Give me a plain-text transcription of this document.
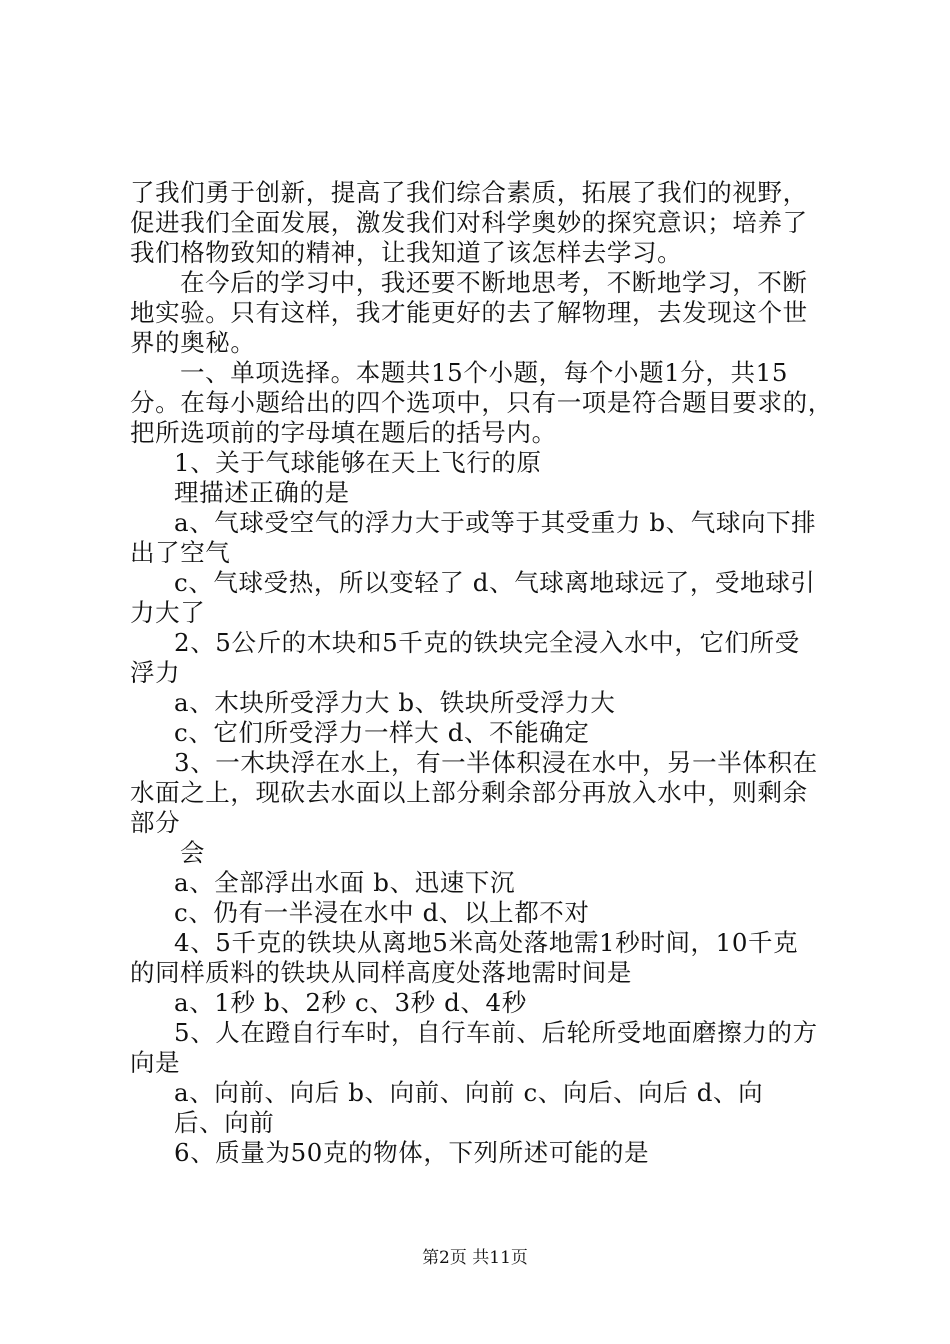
了我们勇于创新，提高了我们综合素质，拓展了我们的视野，
促进我们全面发展，激发我们对科学奥妙的探究意识；培养了
我们格物致知的精神，让我知道了该怎样去学习。
在今后的学习中，我还要不断地思考，不断地学习，不断
地实验。只有这样，我才能更好的去了解物理，去发现这个世
界的奥秘。
一、单项选择。本题共15个小题，每个小题1分，共15
分。在每小题给出的四个选项中，只有一项是符合题目要求的，
把所选项前的字母填在题后的括号内。
1、关于气球能够在天上飞行的原
理描述正确的是
a、气球受空气的浮力大于或等于其受重力 b、气球向下排
出了空气
c、气球受热，所以变轻了 d、气球离地球远了，受地球引
力大了
2、5公斤的木块和5千克的铁块完全浸入水中，它们所受
浮力
a、木块所受浮力大 b、铁块所受浮力大
c、它们所受浮力一样大 d、不能确定
3、一木块浮在水上，有一半体积浸在水中，另一半体积在
水面之上，现砍去水面以上部分剩余部分再放入水中，则剩余
部分
会
a、全部浮出水面 b、迅速下沉
c、仍有一半浸在水中 d、以上都不对
4、5千克的铁块从离地5米高处落地需1秒时间，10千克
的同样质料的铁块从同样高度处落地需时间是
a、1秒 b、2秒 c、3秒 d、4秒
5、人在蹬自行车时，自行车前、后轮所受地面磨擦力的方
向是
a、向前、向后 b、向前、向前 c、向后、向后 d、向
后、向前
6、质量为50克的物体，下列所述可能的是
第2页 共11页
